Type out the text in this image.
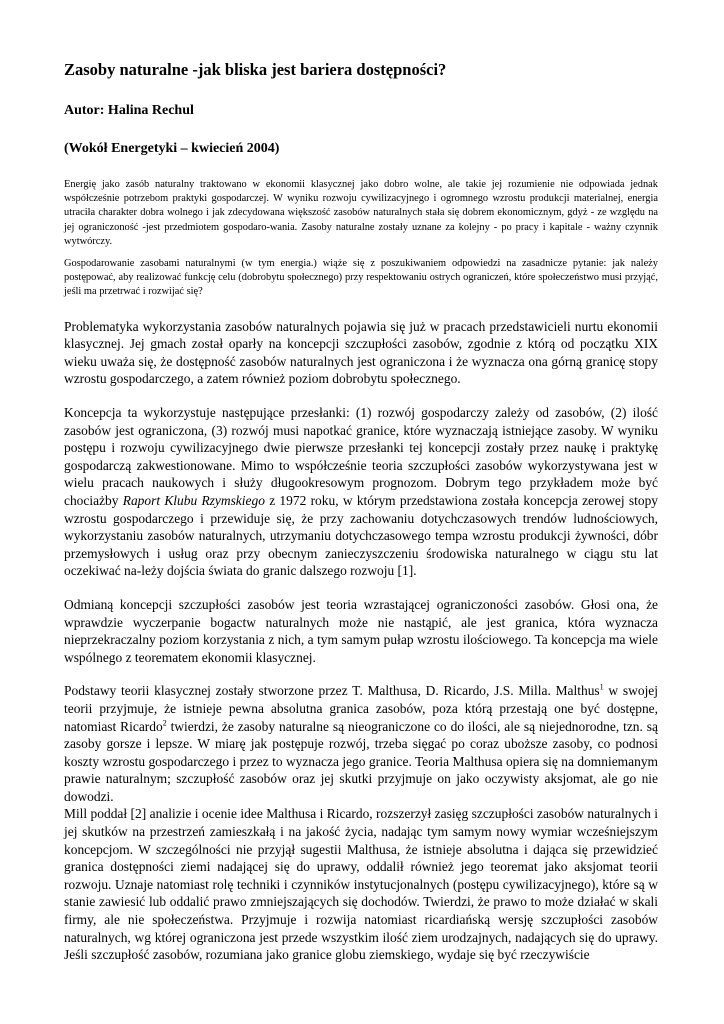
Zasoby naturalne -jak bliska jest bariera dostępności?
Autor: Halina Rechul
(Wokół Energetyki – kwiecień 2004)

Energię jako zasób naturalny traktowano w ekonomii klasycznej jako dobro wolne, ale takie jej rozumienie nie odpowiada jednak współcześnie potrzebom praktyki gospodarczej. W wyniku rozwoju cywilizacyjnego i ogromnego wzrostu produkcji materialnej, energia utraciła charakter dobra wolnego i jak zdecydowana większość zasobów naturalnych stała się dobrem ekonomicznym, gdyż - ze względu na jej ograniczoność -jest przedmiotem gospodaro-wania. Zasoby naturalne zostały uznane za kolejny - po pracy i kapitale - ważny czynnik wytwórczy.

Gospodarowanie zasobami naturalnymi (w tym energia.) wiąże się z poszukiwaniem odpowiedzi na zasadnicze pytanie: jak należy postępować, aby realizować funkcję celu (dobrobytu społecznego) przy respektowaniu ostrych ograniczeń, które społeczeństwo musi przyjąć, jeśli ma przetrwać i rozwijać się?

Problematyka wykorzystania zasobów naturalnych pojawia się już w pracach przedstawicieli nurtu ekonomii klasycznej. Jej gmach został oparły na koncepcji szczupłości zasobów, zgodnie z którą od początku XIX wieku uważa się, że dostępność zasobów naturalnych jest ograniczona i że wyznacza ona górną granicę stopy wzrostu gospodarczego, a zatem również poziom dobrobytu społecznego.

Koncepcja ta wykorzystuje następujące przesłanki: (1) rozwój gospodarczy zależy od zasobów, (2) ilość zasobów jest ograniczona, (3) rozwój musi napotkać granice, które wyznaczają istniejące zasoby. W wyniku postępu i rozwoju cywilizacyjnego dwie pierwsze przesłanki tej koncepcji zostały przez naukę i praktykę gospodarczą zakwestionowane. Mimo to współcześnie teoria szczupłości zasobów wykorzystywana jest w wielu pracach naukowych i służy długookresowym prognozom. Dobrym tego przykładem może być chociażby Raport Klubu Rzymskiego z 1972 roku, w którym przedstawiona została koncepcja zerowej stopy wzrostu gospodarczego i przewiduje się, że przy zachowaniu dotychczasowych trendów ludnościowych, wykorzystaniu zasobów naturalnych, utrzymaniu dotychczasowego tempa wzrostu produkcji żywności, dóbr przemysłowych i usług oraz przy obecnym zanieczyszczeniu środowiska naturalnego w ciągu stu lat oczekiwać na-leży dojścia świata do granic dalszego rozwoju [1].

Odmianą koncepcji szczupłości zasobów jest teoria wzrastającej ograniczoności zasobów. Głosi ona, że wprawdzie wyczerpanie bogactw naturalnych może nie nastąpić, ale jest granica, która wyznacza nieprzekraczalny poziom korzystania z nich, a tym samym pułap wzrostu ilościowego. Ta koncepcja ma wiele wspólnego z teorematem ekonomii klasycznej.

Podstawy teorii klasycznej zostały stworzone przez T. Malthusa, D. Ricardo, J.S. Milla. Malthus$^1$ w swojej teorii przyjmuje, że istnieje pewna absolutna granica zasobów, poza którą przestają one być dostępne, natomiast Ricardo$^2$ twierdzi, że zasoby naturalne są nieograniczone co do ilości, ale są niejednorodne, tzn. są zasoby gorsze i lepsze. W miarę jak postępuje rozwój, trzeba sięgać po coraz uboższe zasoby, co podnosi koszty wzrostu gospodarczego i przez to wyznacza jego granice. Teoria Malthusa opiera się na domniemanym prawie naturalnym; szczupłość zasobów oraz jej skutki przyjmuje on jako oczywisty aksjomat, ale go nie dowodzi.

Mill poddał [2] analizie i ocenie idee Malthusa i Ricardo, rozszerzył zasięg szczupłości zasobów naturalnych i jej skutków na przestrzeń zamieszkałą i na jakość życia, nadając tym samym nowy wymiar wcześniejszym koncepcjom. W szczególności nie przyjął sugestii Malthusa, że istnieje absolutna i dająca się przewidzieć granica dostępności ziemi nadającej się do uprawy, oddalił również jego teoremat jako aksjomat teorii rozwoju. Uznaje natomiast rolę techniki i czynników instytucjonalnych (postępu cywilizacyjnego), które są w stanie zawiesić lub oddalić prawo zmniejszających się dochodów. Twierdzi, że prawo to może działać w skali firmy, ale nie społeczeństwa. Przyjmuje i rozwija natomiast ricardiańską wersję szczupłości zasobów naturalnych, wg której ograniczona jest przede wszystkim ilość ziem urodzajnych, nadających się do uprawy. Jeśli szczupłość zasobów, rozumiana jako granice globu ziemskiego, wydaje się być rzeczywiście
